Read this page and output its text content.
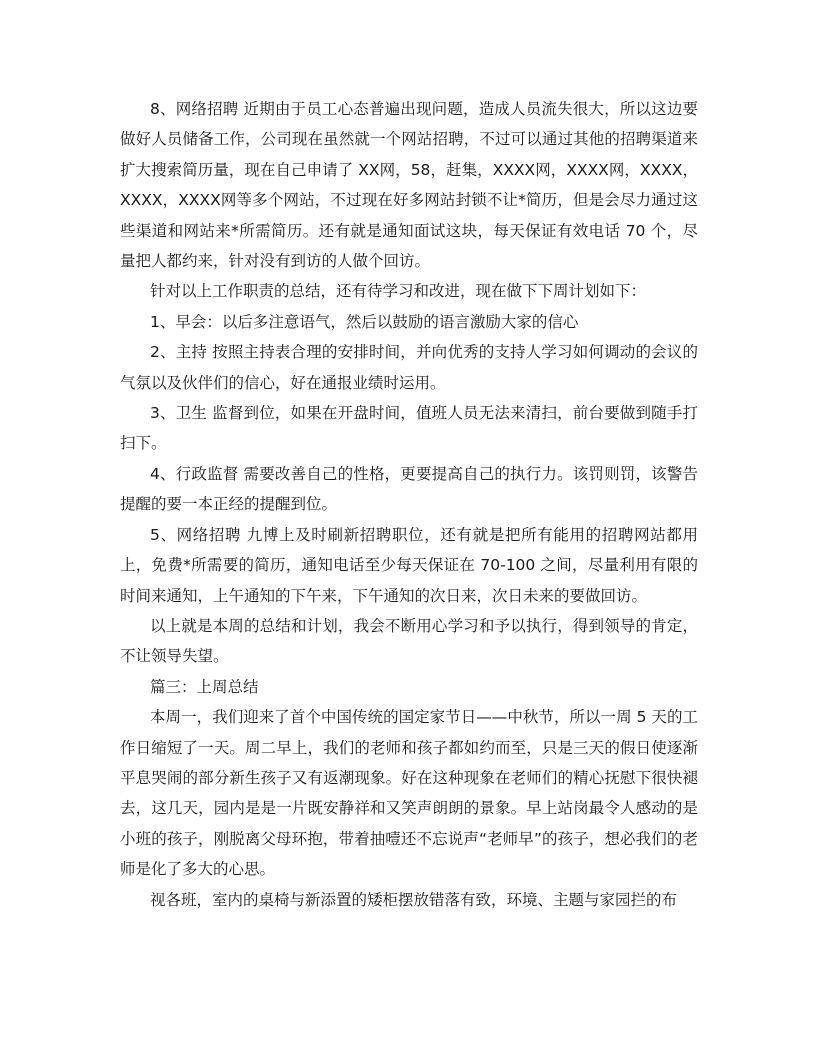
8、网络招聘 近期由于员工心态普遍出现问题，造成人员流失很大，所以这边要做好人员储备工作，公司现在虽然就一个网站招聘，不过可以通过其他的招聘渠道来扩大搜索简历量，现在自己申请了 XX网，58，赶集，XXXX网，XXXX网，XXXX，XXXX，XXXX网等多个网站，不过现在好多网站封锁不让*简历，但是会尽力通过这些渠道和网站来*所需简历。还有就是通知面试这块，每天保证有效电话 70 个，尽量把人都约来，针对没有到访的人做个回访。

针对以上工作职责的总结，还有待学习和改进，现在做下下周计划如下：

1、早会：以后多注意语气，然后以鼓励的语言激励大家的信心

2、主持 按照主持表合理的安排时间，并向优秀的支持人学习如何调动的会议的气氛以及伙伴们的信心，好在通报业绩时运用。

3、卫生 监督到位，如果在开盘时间，值班人员无法来清扫，前台要做到随手打扫下。

4、行政监督 需要改善自己的性格，更要提高自己的执行力。该罚则罚，该警告提醒的要一本正经的提醒到位。

5、网络招聘 九博上及时刷新招聘职位，还有就是把所有能用的招聘网站都用上，免费*所需要的简历，通知电话至少每天保证在 70-100 之间，尽量利用有限的时间来通知，上午通知的下午来，下午通知的次日来，次日未来的要做回访。

以上就是本周的总结和计划，我会不断用心学习和予以执行，得到领导的肯定，不让领导失望。

篇三：上周总结

本周一，我们迎来了首个中国传统的国定家节日——中秋节，所以一周 5 天的工作日缩短了一天。周二早上，我们的老师和孩子都如约而至，只是三天的假日使逐渐平息哭闹的部分新生孩子又有返潮现象。好在这种现象在老师们的精心抚慰下很快褪去，这几天，园内是是一片既安静祥和又笑声朗朗的景象。早上站岗最令人感动的是小班的孩子，刚脱离父母环抱，带着抽噎还不忘说声“老师早”的孩子，想必我们的老师是化了多大的心思。

视各班，室内的桌椅与新添置的矮柜摆放错落有致，环境、主题与家园拦的布
